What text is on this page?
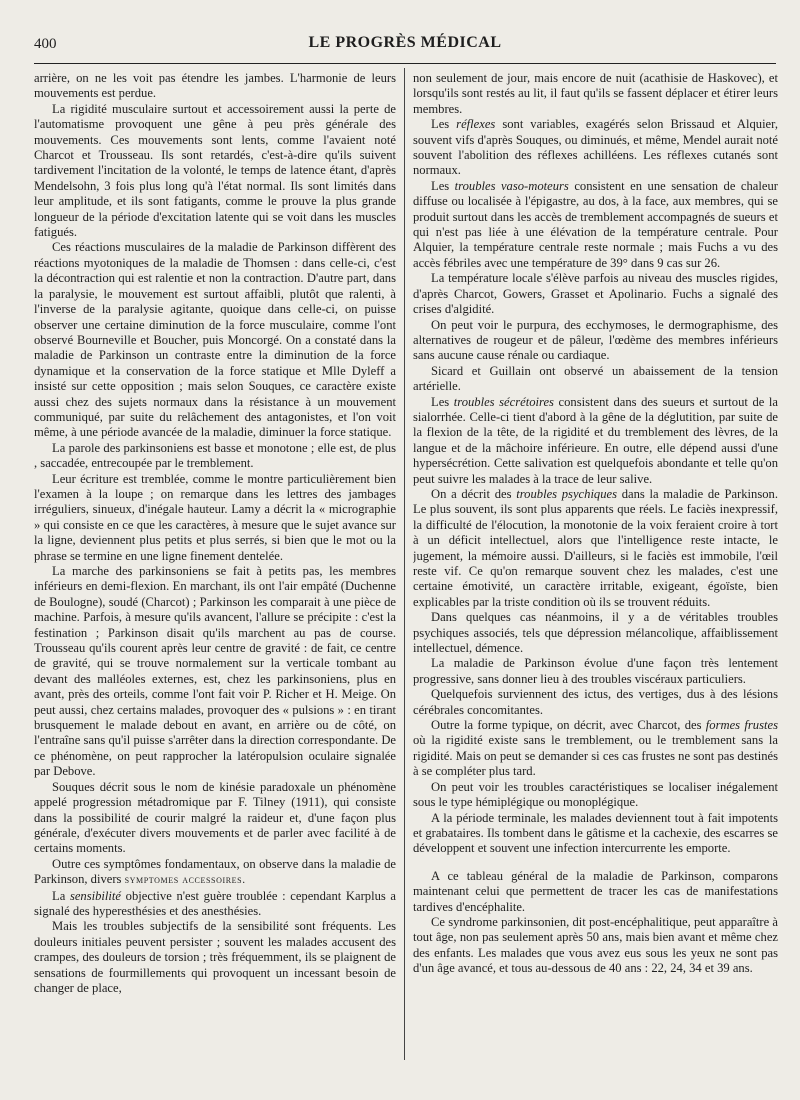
400	LE PROGRÈS MÉDICAL

arrière, on ne les voit pas étendre les jambes. L'harmonie de leurs mouvements est perdue.

La rigidité musculaire surtout et accessoirement aussi la perte de l'automatisme provoquent une gêne à peu près générale des mouvements. Ces mouvements sont lents, comme l'avaient noté Charcot et Trousseau. Ils sont retardés, c'est-à-dire qu'ils suivent tardivement l'incitation de la volonté, le temps de latence étant, d'après Mendelsohn, 3 fois plus long qu'à l'état normal. Ils sont limités dans leur amplitude, et ils sont fatigants, comme le prouve la plus grande longueur de la période d'excitation latente qui se voit dans les muscles fatigués.

Ces réactions musculaires de la maladie de Parkinson diffèrent des réactions myotoniques de la maladie de Thomsen : dans celle-ci, c'est la décontraction qui est ralentie et non la contraction. D'autre part, dans la paralysie, le mouvement est surtout affaibli, plutôt que ralenti, à l'inverse de la paralysie agitante, quoique dans celle-ci, on puisse observer une certaine diminution de la force musculaire, comme l'ont observé Bourneville et Boucher, puis Moncorgé. On a constaté dans la maladie de Parkinson un contraste entre la diminution de la force dynamique et la conservation de la force statique et Mlle Dyleff a insisté sur cette opposition ; mais selon Souques, ce caractère existe aussi chez des sujets normaux dans la résistance à un mouvement communiqué, par suite du relâchement des antagonistes, et l'on voit même, à une période avancée de la maladie, diminuer la force statique.

La parole des parkinsoniens est basse et monotone ; elle est, de plus , saccadée, entrecoupée par le tremblement.

Leur écriture est tremblée, comme le montre particulièrement bien l'examen à la loupe ; on remarque dans les lettres des jambages irréguliers, sinueux, d'inégale hauteur. Lamy a décrit la « micrographie » qui consiste en ce que les caractères, à mesure que le sujet avance sur la ligne, deviennent plus petits et plus serrés, si bien que le mot ou la phrase se termine en une ligne finement dentelée.

La marche des parkinsoniens se fait à petits pas, les membres inférieurs en demi-flexion. En marchant, ils ont l'air empâté (Duchenne de Boulogne), soudé (Charcot) ; Parkinson les comparait à une pièce de machine. Parfois, à mesure qu'ils avancent, l'allure se précipite : c'est la festination ; Parkinson disait qu'ils marchent au pas de course. Trousseau qu'ils courent après leur centre de gravité : de fait, ce centre de gravité, qui se trouve normalement sur la verticale tombant au devant des malléoles externes, est, chez les parkinsoniens, plus en avant, près des orteils, comme l'ont fait voir P. Richer et H. Meige. On peut aussi, chez certains malades, provoquer des « pulsions » : en tirant brusquement le malade debout en avant, en arrière ou de côté, on l'entraîne sans qu'il puisse s'arrêter dans la direction correspondante. De ce phénomène, on peut rapprocher la latéropulsion oculaire signalée par Debove.

Souques décrit sous le nom de kinésie paradoxale un phénomène appelé progression métadromique par F. Tilney (1911), qui consiste dans la possibilité de courir malgré la raideur et, d'une façon plus générale, d'exécuter divers mouvements et de parler avec facilité à de certains moments.

Outre ces symptômes fondamentaux, on observe dans la maladie de Parkinson, divers symptomes accessoires.

La sensibilité objective n'est guère troublée : cependant Karplus a signalé des hyperesthésies et des anesthésies.

Mais les troubles subjectifs de la sensibilité sont fréquents. Les douleurs initiales peuvent persister ; souvent les malades accusent des crampes, des douleurs de torsion ; très fréquemment, ils se plaignent de sensations de fourmillements qui provoquent un incessant besoin de changer de place,

non seulement de jour, mais encore de nuit (acathisie de Haskovec), et lorsqu'ils sont restés au lit, il faut qu'ils se fassent déplacer et étirer leurs membres.

Les réflexes sont variables, exagérés selon Brissaud et Alquier, souvent vifs d'après Souques, ou diminués, et même, Mendel aurait noté souvent l'abolition des réflexes achilléens. Les réflexes cutanés sont normaux.

Les troubles vaso-moteurs consistent en une sensation de chaleur diffuse ou localisée à l'épigastre, au dos, à la face, aux membres, qui se produit surtout dans les accès de tremblement accompagnés de sueurs et qui n'est pas liée à une élévation de la température centrale. Pour Alquier, la température centrale reste normale ; mais Fuchs a vu des accès fébriles avec une température de 39° dans 9 cas sur 26.

La température locale s'élève parfois au niveau des muscles rigides, d'après Charcot, Gowers, Grasset et Apolinario. Fuchs a signalé des crises d'algidité.

On peut voir le purpura, des ecchymoses, le dermographisme, des alternatives de rougeur et de pâleur, l'œdème des membres inférieurs sans aucune cause rénale ou cardiaque.

Sicard et Guillain ont observé un abaissement de la tension artérielle.

Les troubles sécrétoires consistent dans des sueurs et surtout de la sialorrhée. Celle-ci tient d'abord à la gêne de la déglutition, par suite de la flexion de la tête, de la rigidité et du tremblement des lèvres, de la langue et de la mâchoire inférieure. En outre, elle dépend aussi d'une hypersécrétion. Cette salivation est quelquefois abondante et telle qu'on peut suivre les malades à la trace de leur salive.

On a décrit des troubles psychiques dans la maladie de Parkinson. Le plus souvent, ils sont plus apparents que réels. Le faciès inexpressif, la difficulté de l'élocution, la monotonie de la voix feraient croire à tort à un déficit intellectuel, alors que l'intelligence reste intacte, le jugement, la mémoire aussi. D'ailleurs, si le faciès est immobile, l'œil reste vif. Ce qu'on remarque souvent chez les malades, c'est une certaine émotivité, un caractère irritable, exigeant, égoïste, bien explicables par la triste condition où ils se trouvent réduits.

Dans quelques cas néanmoins, il y a de véritables troubles psychiques associés, tels que dépression mélancolique, affaiblissement intellectuel, démence.

La maladie de Parkinson évolue d'une façon très lentement progressive, sans donner lieu à des troubles viscéraux particuliers.

Quelquefois surviennent des ictus, des vertiges, dus à des lésions cérébrales concomitantes.

Outre la forme typique, on décrit, avec Charcot, des formes frustes où la rigidité existe sans le tremblement, ou le tremblement sans la rigidité. Mais on peut se demander si ces cas frustes ne sont pas destinés à se compléter plus tard.

On peut voir les troubles caractéristiques se localiser inégalement sous le type hémiplégique ou monoplégique.

A la période terminale, les malades deviennent tout à fait impotents et grabataires. Ils tombent dans le gâtisme et la cachexie, des escarres se développent et souvent une infection intercurrente les emporte.

A ce tableau général de la maladie de Parkinson, comparons maintenant celui que permettent de tracer les cas de manifestations tardives d'encéphalite.

Ce syndrome parkinsonien, dit post-encéphalitique, peut apparaître à tout âge, non pas seulement après 50 ans, mais bien avant et même chez des enfants. Les malades que vous avez eus sous les yeux ne sont pas d'un âge avancé, et tous au-dessous de 40 ans : 22, 24, 34 et 39 ans.
